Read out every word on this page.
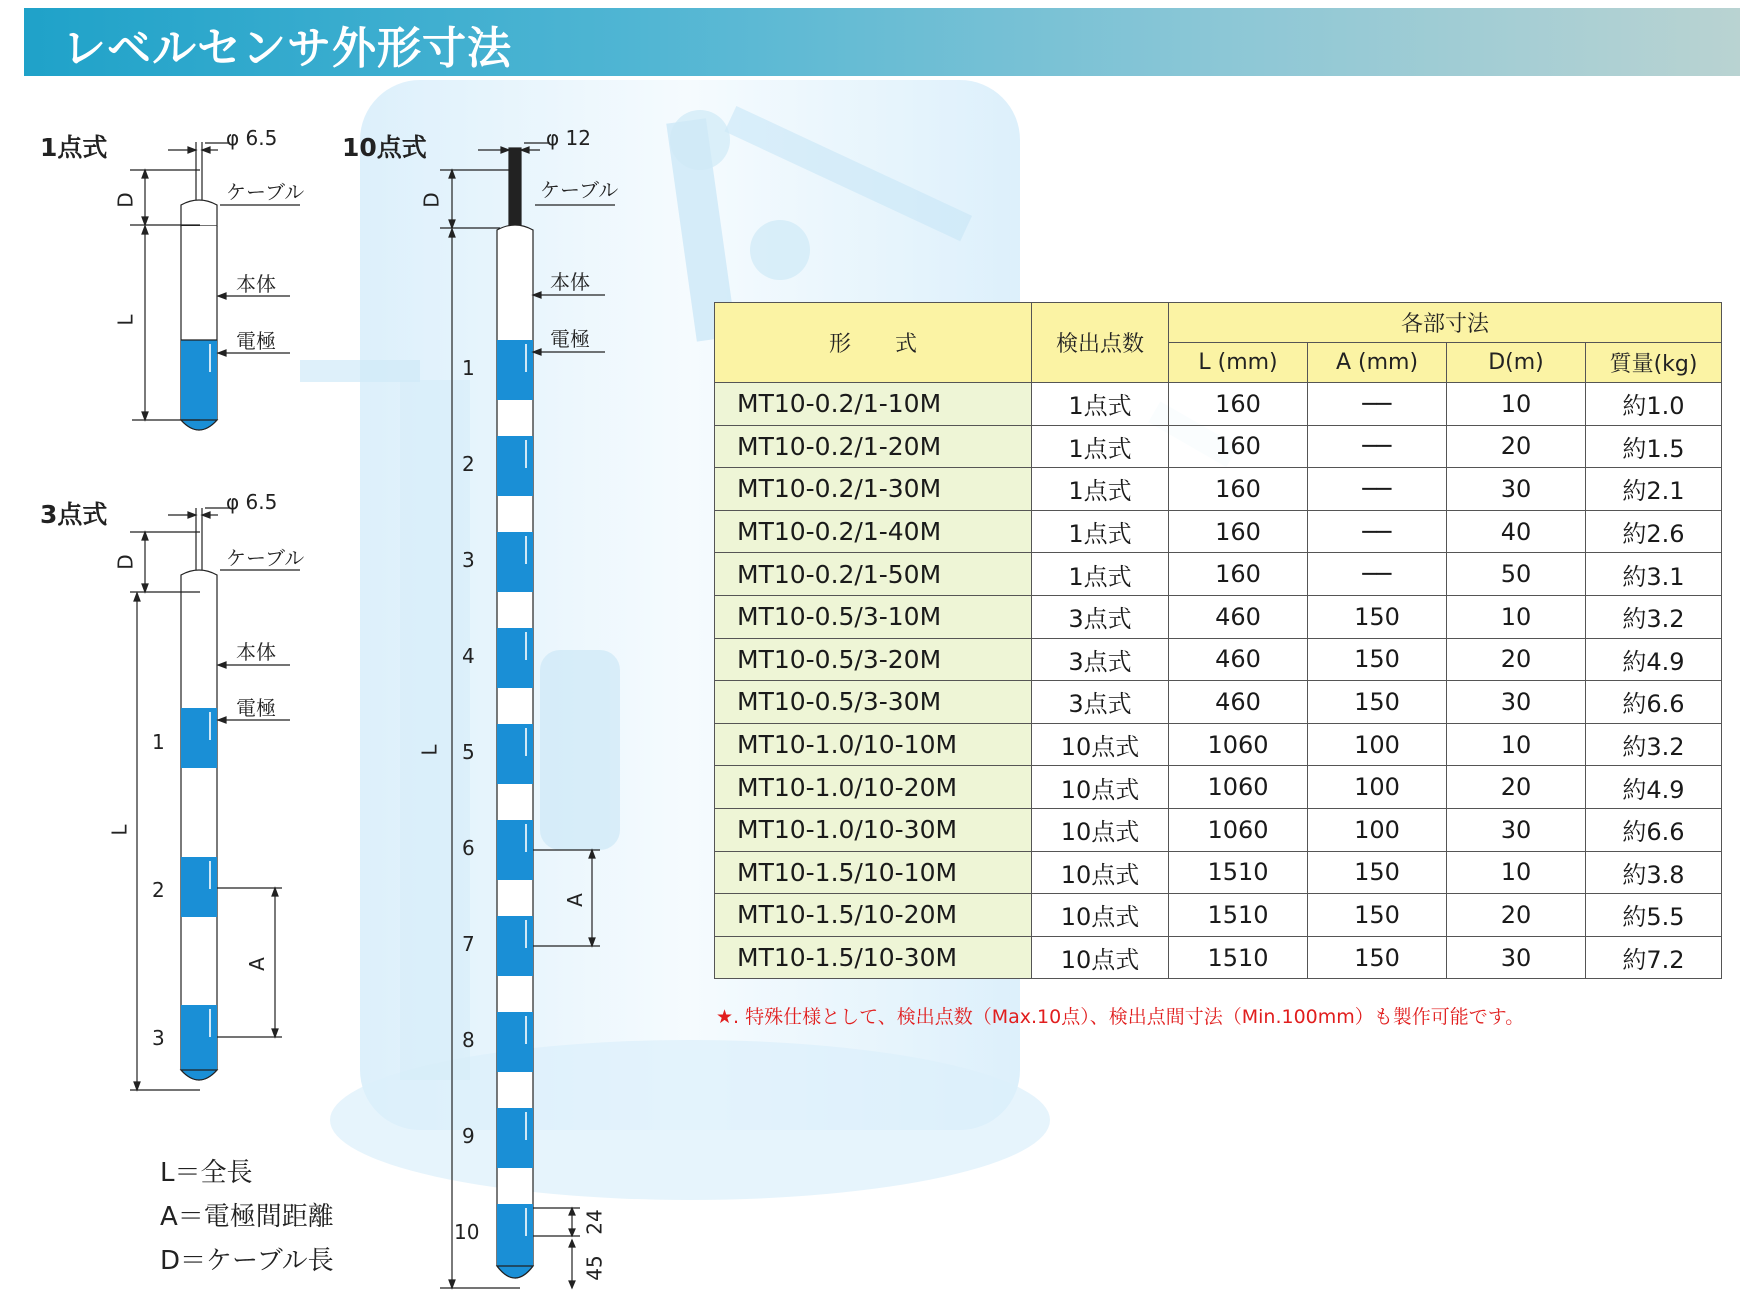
レベルセンサ外形寸法
1点式	φ 6.5
ケーブル
本体
電極
D
L
3点式	φ 6.5
ケーブル
本体
電極
D
L
A
1
2
3
10点式	φ 12
ケーブル
本体
電極
D
L
A
24
45
1
2
3
4
5
6
7
8
9
10
L＝全長
A＝電極間距離
D＝ケーブル長
形　　式	検出点数	各部寸法			
		L (mm)	A (mm)	D(m)	質量(kg)
MT10-0.2/1-10M	1点式	160	──	10	約1.0
MT10-0.2/1-20M	1点式	160	──	20	約1.5
MT10-0.2/1-30M	1点式	160	──	30	約2.1
MT10-0.2/1-40M	1点式	160	──	40	約2.6
MT10-0.2/1-50M	1点式	160	──	50	約3.1
MT10-0.5/3-10M	3点式	460	150	10	約3.2
MT10-0.5/3-20M	3点式	460	150	20	約4.9
MT10-0.5/3-30M	3点式	460	150	30	約6.6
MT10-1.0/10-10M	10点式	1060	100	10	約3.2
MT10-1.0/10-20M	10点式	1060	100	20	約4.9
MT10-1.0/10-30M	10点式	1060	100	30	約6.6
MT10-1.5/10-10M	10点式	1510	150	10	約3.8
MT10-1.5/10-20M	10点式	1510	150	20	約5.5
MT10-1.5/10-30M	10点式	1510	150	30	約7.2
★. 特殊仕様として、検出点数（Max.10点）、検出点間寸法（Min.100mm）も製作可能です。
